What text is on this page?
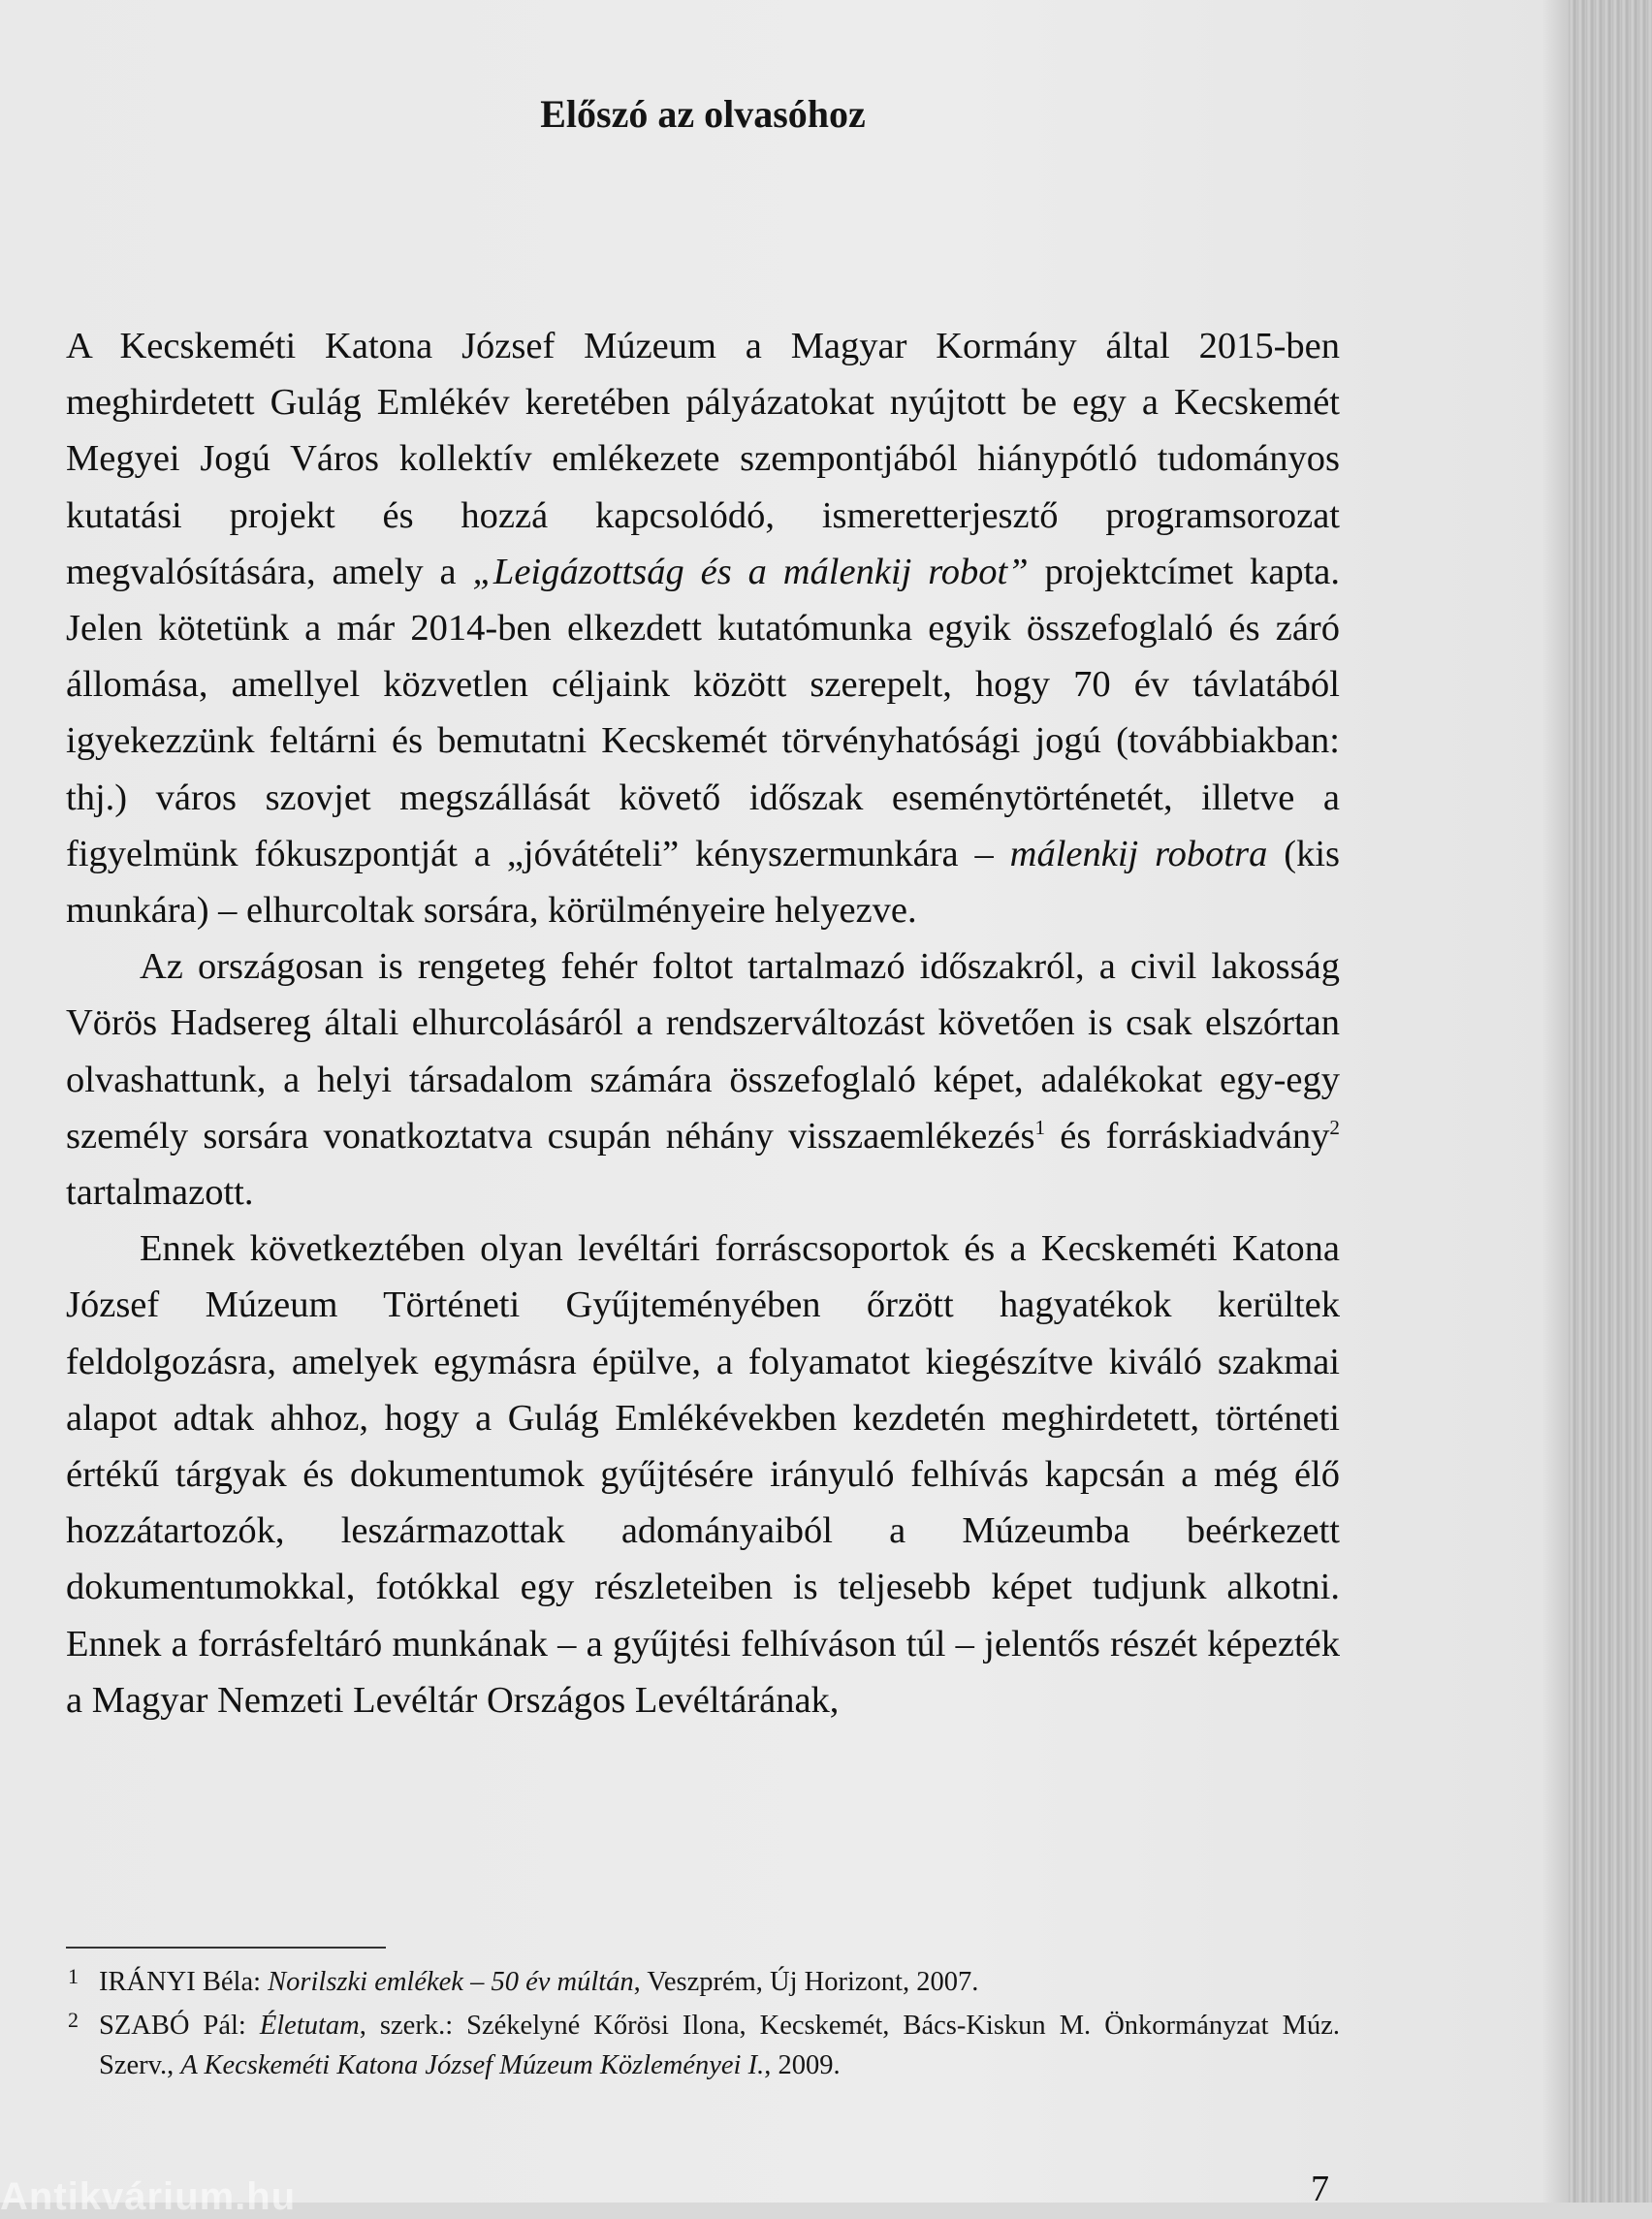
Előszó az olvasóhoz

A Kecskeméti Katona József Múzeum a Magyar Kormány által 2015-ben meghirdetett Gulág Emlékév keretében pályázatokat nyújtott be egy a Kecskemét Megyei Jogú Város kollektív emlékezete szempontjából hiánypótló tudományos kutatási projekt és hozzá kapcsolódó, ismeretterjesztő programsorozat megvalósítására, amely a „Leigázottság és a málenkij robot” projektcímet kapta. Jelen kötetünk a már 2014-ben elkezdett kutatómunka egyik összefoglaló és záró állomása, amellyel közvetlen céljaink között szerepelt, hogy 70 év távlatából igyekezzünk feltárni és bemutatni Kecskemét törvényhatósági jogú (továbbiakban: thj.) város szovjet megszállását követő időszak eseménytörténetét, illetve a figyelmünk fókuszpontját a „jóvátételi” kényszermunkára – málenkij robotra (kis munkára) – elhurcoltak sorsára, körülményeire helyezve.

Az országosan is rengeteg fehér foltot tartalmazó időszakról, a civil lakosság Vörös Hadsereg általi elhurcolásáról a rendszerváltozást követően is csak elszórtan olvashattunk, a helyi társadalom számára összefoglaló képet, adalékokat egy-egy személy sorsára vonatkoztatva csupán néhány visszaemlékezés$^1$ és forráskiadvány$^2$ tartalmazott.

Ennek következtében olyan levéltári forráscsoportok és a Kecskeméti Katona József Múzeum Történeti Gyűjteményében őrzött hagyatékok kerültek feldolgozásra, amelyek egymásra épülve, a folyamatot kiegészítve kiváló szakmai alapot adtak ahhoz, hogy a Gulág Emlékévekben kezdetén meghirdetett, történeti értékű tárgyak és dokumentumok gyűjtésére irányuló felhívás kapcsán a még élő hozzátartozók, leszármazottak adományaiból a Múzeumba beérkezett dokumentumokkal, fotókkal egy részleteiben is teljesebb képet tudjunk alkotni. Ennek a forrásfeltáró munkának – a gyűjtési felhíváson túl – jelentős részét képezték a Magyar Nemzeti Levéltár Országos Levéltárának,

1 IRÁNYI Béla: Norilszki emlékek – 50 év múltán, Veszprém, Új Horizont, 2007.

2 SZABÓ Pál: Életutam, szerk.: Székelyné Kőrösi Ilona, Kecskemét, Bács-Kiskun M. Önkormányzat Múz. Szerv., A Kecskeméti Katona József Múzeum Közleményei I., 2009.

7
Antikvárium.hu
